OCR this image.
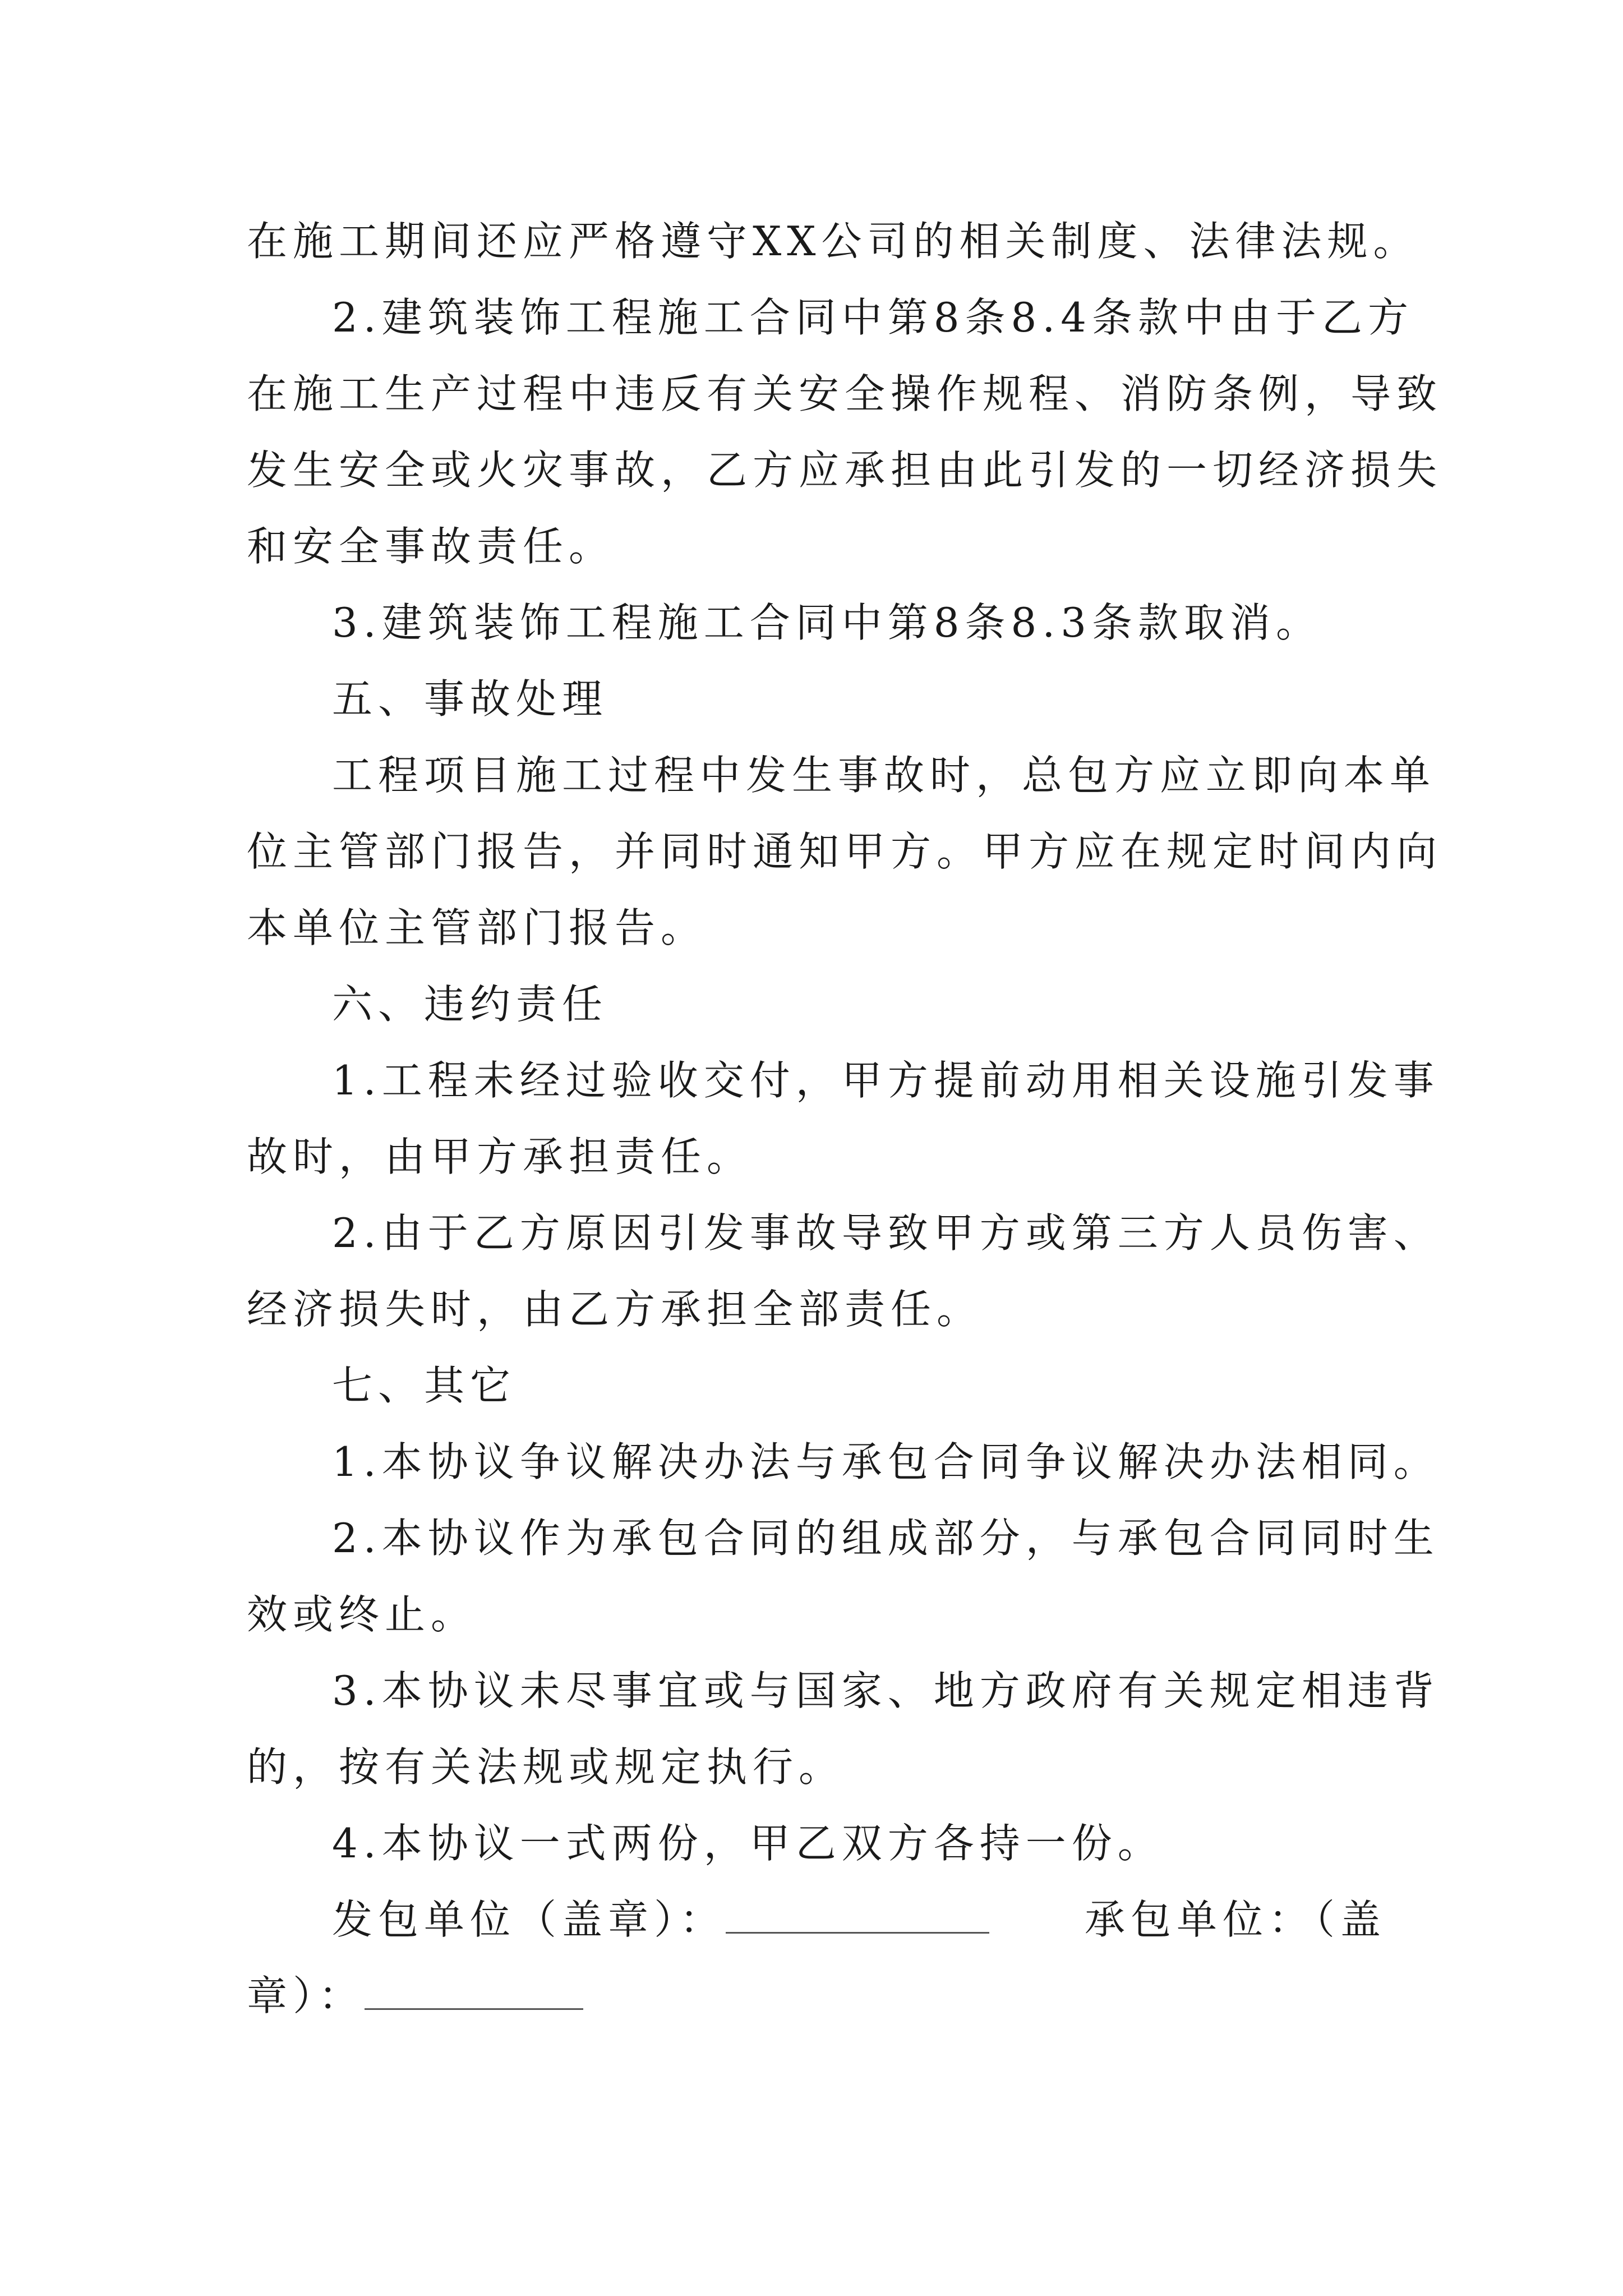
在施工期间还应严格遵守XX公司的相关制度、法律法规。
2.建筑装饰工程施工合同中第8条8.4条款中由于乙方
在施工生产过程中违反有关安全操作规程、消防条例，导致
发生安全或火灾事故，乙方应承担由此引发的一切经济损失
和安全事故责任。
3.建筑装饰工程施工合同中第8条8.3条款取消。
五、事故处理
工程项目施工过程中发生事故时，总包方应立即向本单
位主管部门报告，并同时通知甲方。甲方应在规定时间内向
本单位主管部门报告。
六、违约责任
1.工程未经过验收交付，甲方提前动用相关设施引发事
故时，由甲方承担责任。
2.由于乙方原因引发事故导致甲方或第三方人员伤害、
经济损失时，由乙方承担全部责任。
七、其它
1.本协议争议解决办法与承包合同争议解决办法相同。
2.本协议作为承包合同的组成部分，与承包合同同时生
效或终止。
3.本协议未尽事宜或与国家、地方政府有关规定相违背
的，按有关法规或规定执行。
4.本协议一式两份，甲乙双方各持一份。
发包单位（盖章）：	承包单位：（盖
章）：
